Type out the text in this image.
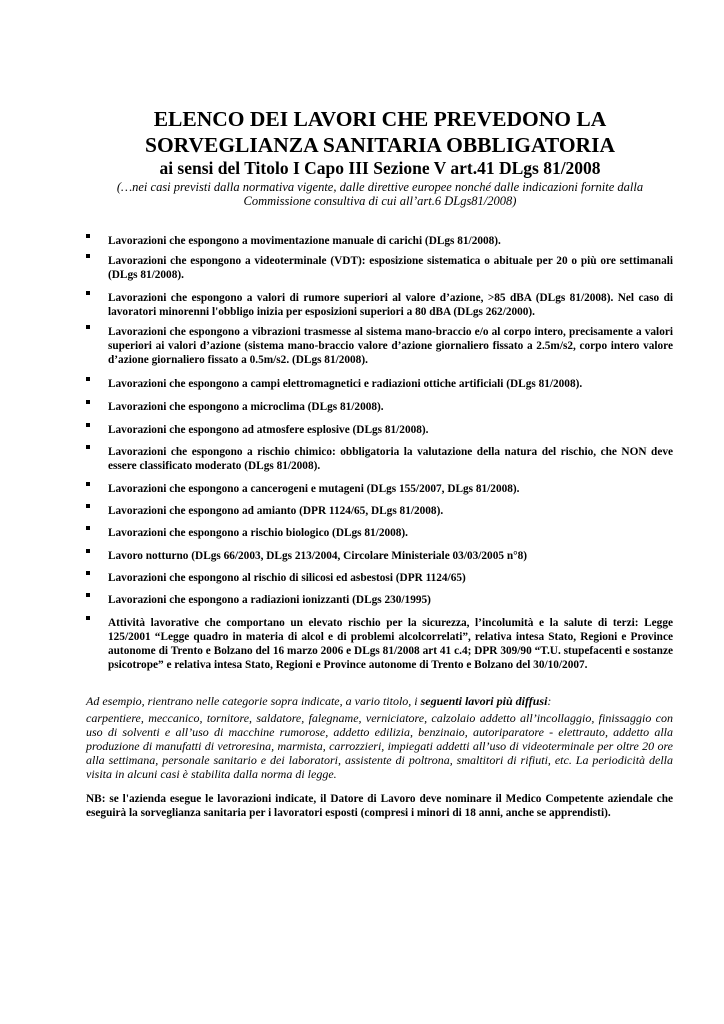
ELENCO DEI LAVORI CHE PREVEDONO LA
SORVEGLIANZA SANITARIA OBBLIGATORIA
ai sensi del Titolo I Capo III Sezione V art.41 DLgs 81/2008
(…nei casi previsti dalla normativa vigente, dalle direttive europee nonché dalle indicazioni fornite dalla Commissione consultiva di cui all’art.6 DLgs81/2008)
Lavorazioni che espongono a movimentazione manuale di carichi (DLgs 81/2008).
Lavorazioni che espongono a videoterminale (VDT): esposizione sistematica o abituale per 20 o più ore settimanali (DLgs 81/2008).
Lavorazioni che espongono a valori di rumore superiori al valore d’azione, >85 dBA (DLgs 81/2008). Nel caso di lavoratori minorenni l'obbligo inizia per esposizioni superiori a 80 dBA (DLgs 262/2000).
Lavorazioni che espongono a vibrazioni trasmesse al sistema mano-braccio e/o al corpo intero, precisamente a valori superiori ai valori d’azione (sistema mano-braccio valore d’azione giornaliero fissato a 2.5m/s2, corpo intero valore d’azione giornaliero fissato a 0.5m/s2. (DLgs 81/2008).
Lavorazioni che espongono a campi elettromagnetici e radiazioni ottiche artificiali (DLgs 81/2008).
Lavorazioni che espongono a microclima (DLgs 81/2008).
Lavorazioni che espongono ad atmosfere esplosive (DLgs 81/2008).
Lavorazioni che espongono a rischio chimico: obbligatoria la valutazione della natura del rischio, che NON deve essere classificato moderato (DLgs 81/2008).
Lavorazioni che espongono a cancerogeni e mutageni (DLgs 155/2007, DLgs 81/2008).
Lavorazioni che espongono ad amianto (DPR 1124/65, DLgs 81/2008).
Lavorazioni che espongono a rischio biologico (DLgs 81/2008).
Lavoro notturno (DLgs 66/2003, DLgs 213/2004, Circolare Ministeriale 03/03/2005 n°8)
Lavorazioni che espongono al rischio di silicosi ed asbestosi (DPR 1124/65)
Lavorazioni che espongono a radiazioni ionizzanti (DLgs 230/1995)
Attività lavorative che comportano un elevato rischio per la sicurezza, l’incolumità e la salute di terzi: Legge 125/2001 “Legge quadro in materia di alcol e di problemi alcolcorrelati”, relativa intesa Stato, Regioni e Province autonome di Trento e Bolzano del 16 marzo 2006 e DLgs 81/2008 art 41 c.4; DPR 309/90 “T.U. stupefacenti e sostanze psicotrope” e relativa intesa Stato, Regioni e Province autonome di Trento e Bolzano del 30/10/2007.
Ad esempio, rientrano nelle categorie sopra indicate, a vario titolo, i seguenti lavori più diffusi:
carpentiere, meccanico, tornitore, saldatore, falegname, verniciatore, calzolaio addetto all’incollaggio, finissaggio con uso di solventi e all’uso di macchine rumorose, addetto edilizia, benzinaio, autoriparatore - elettrauto, addetto alla produzione di manufatti di vetroresina, marmista, carrozzieri, impiegati addetti all’uso di videoterminale per oltre 20 ore alla settimana, personale sanitario e dei laboratori, assistente di poltrona, smaltitori di rifiuti, etc. La periodicità della visita in alcuni casi è stabilita dalla norma di legge.
NB: se l'azienda esegue le lavorazioni indicate, il Datore di Lavoro deve nominare il Medico Competente aziendale che eseguirà la sorveglianza sanitaria per i lavoratori esposti (compresi i minori di 18 anni, anche se apprendisti).
